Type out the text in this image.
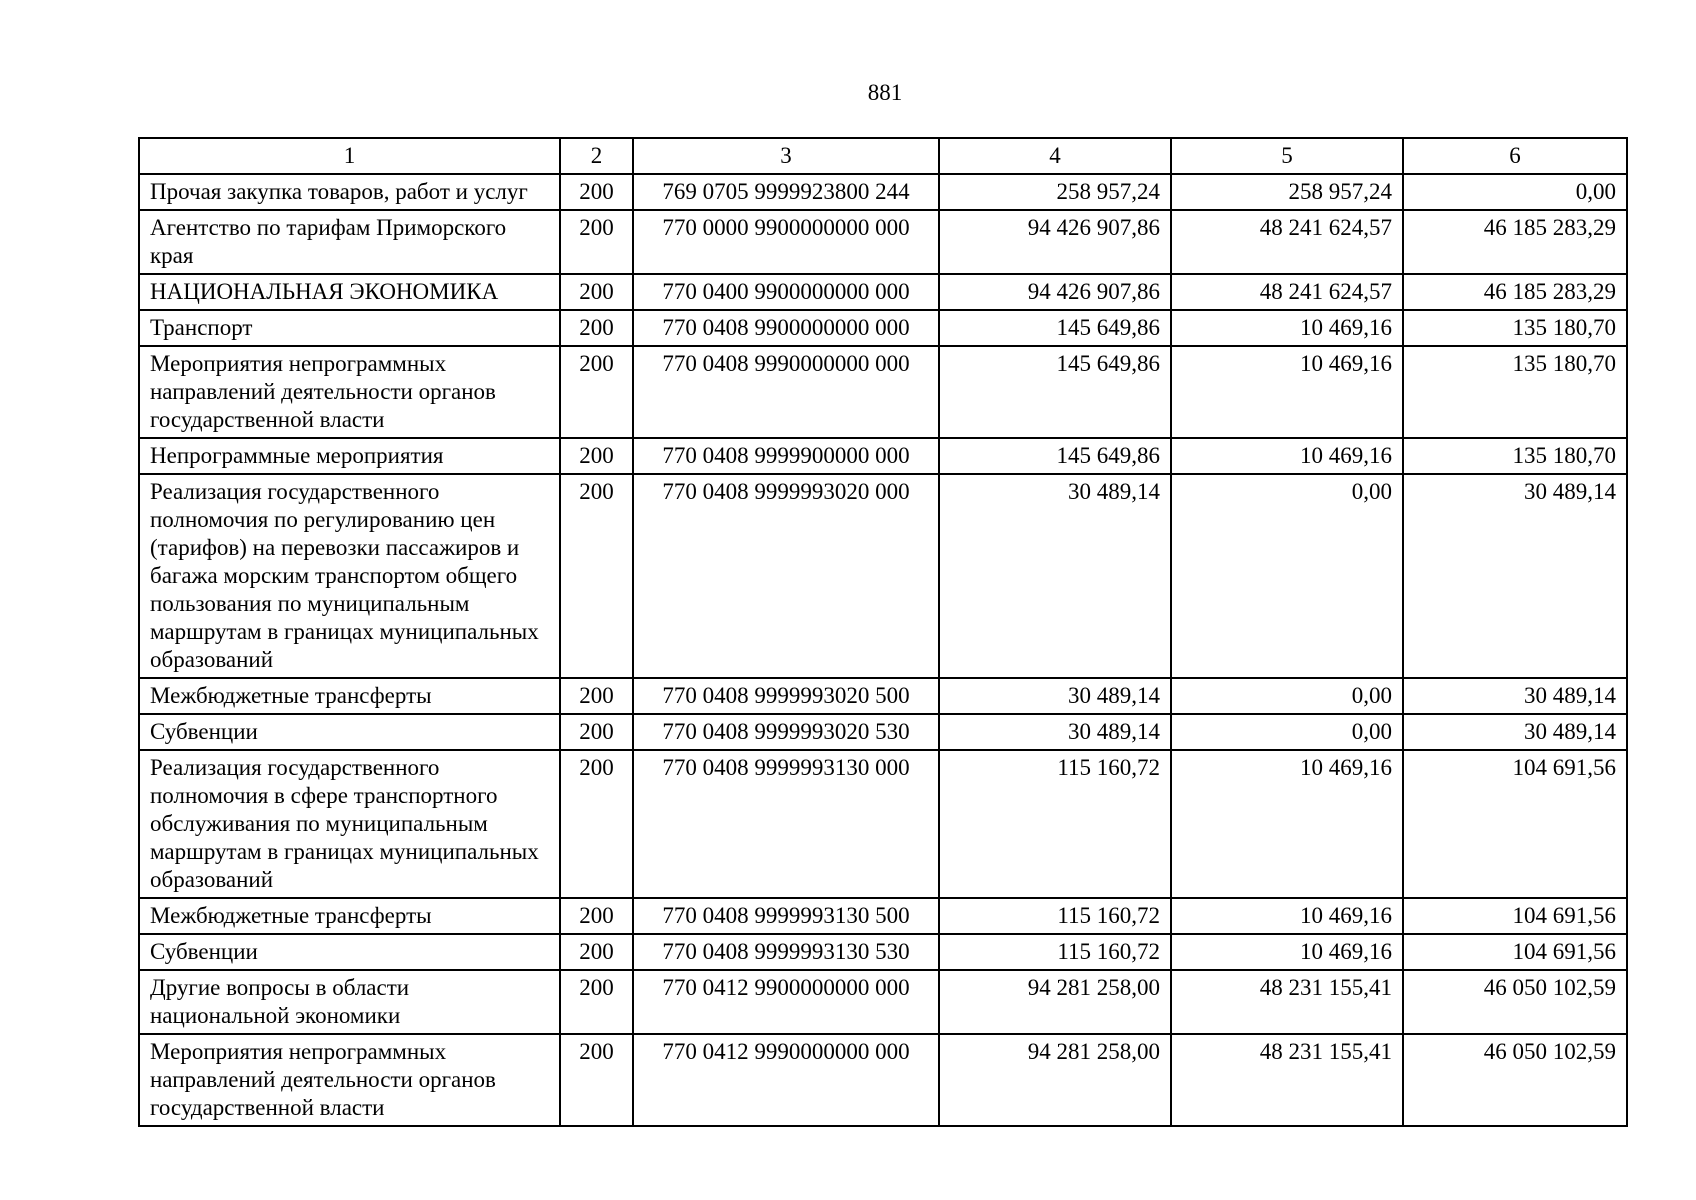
881
1	2	3	4	5	6
Прочая закупка товаров, работ и услуг	200	769 0705 9999923800 244	258 957,24	258 957,24	0,00
Агентство по тарифам Приморского края	200	770 0000 9900000000 000	94 426 907,86	48 241 624,57	46 185 283,29
НАЦИОНАЛЬНАЯ ЭКОНОМИКА	200	770 0400 9900000000 000	94 426 907,86	48 241 624,57	46 185 283,29
Транспорт	200	770 0408 9900000000 000	145 649,86	10 469,16	135 180,70
Мероприятия непрограммных направлений деятельности органов государственной власти	200	770 0408 9990000000 000	145 649,86	10 469,16	135 180,70
Непрограммные мероприятия	200	770 0408 9999900000 000	145 649,86	10 469,16	135 180,70
Реализация государственного полномочия по регулированию цен (тарифов) на перевозки пассажиров и багажа морским транспортом общего пользования по муниципальным маршрутам в границах муниципальных образований	200	770 0408 9999993020 000	30 489,14	0,00	30 489,14
Межбюджетные трансферты	200	770 0408 9999993020 500	30 489,14	0,00	30 489,14
Субвенции	200	770 0408 9999993020 530	30 489,14	0,00	30 489,14
Реализация государственного полномочия в сфере транспортного обслуживания по муниципальным маршрутам в границах муниципальных образований	200	770 0408 9999993130 000	115 160,72	10 469,16	104 691,56
Межбюджетные трансферты	200	770 0408 9999993130 500	115 160,72	10 469,16	104 691,56
Субвенции	200	770 0408 9999993130 530	115 160,72	10 469,16	104 691,56
Другие вопросы в области национальной экономики	200	770 0412 9900000000 000	94 281 258,00	48 231 155,41	46 050 102,59
Мероприятия непрограммных направлений деятельности органов государственной власти	200	770 0412 9990000000 000	94 281 258,00	48 231 155,41	46 050 102,59
